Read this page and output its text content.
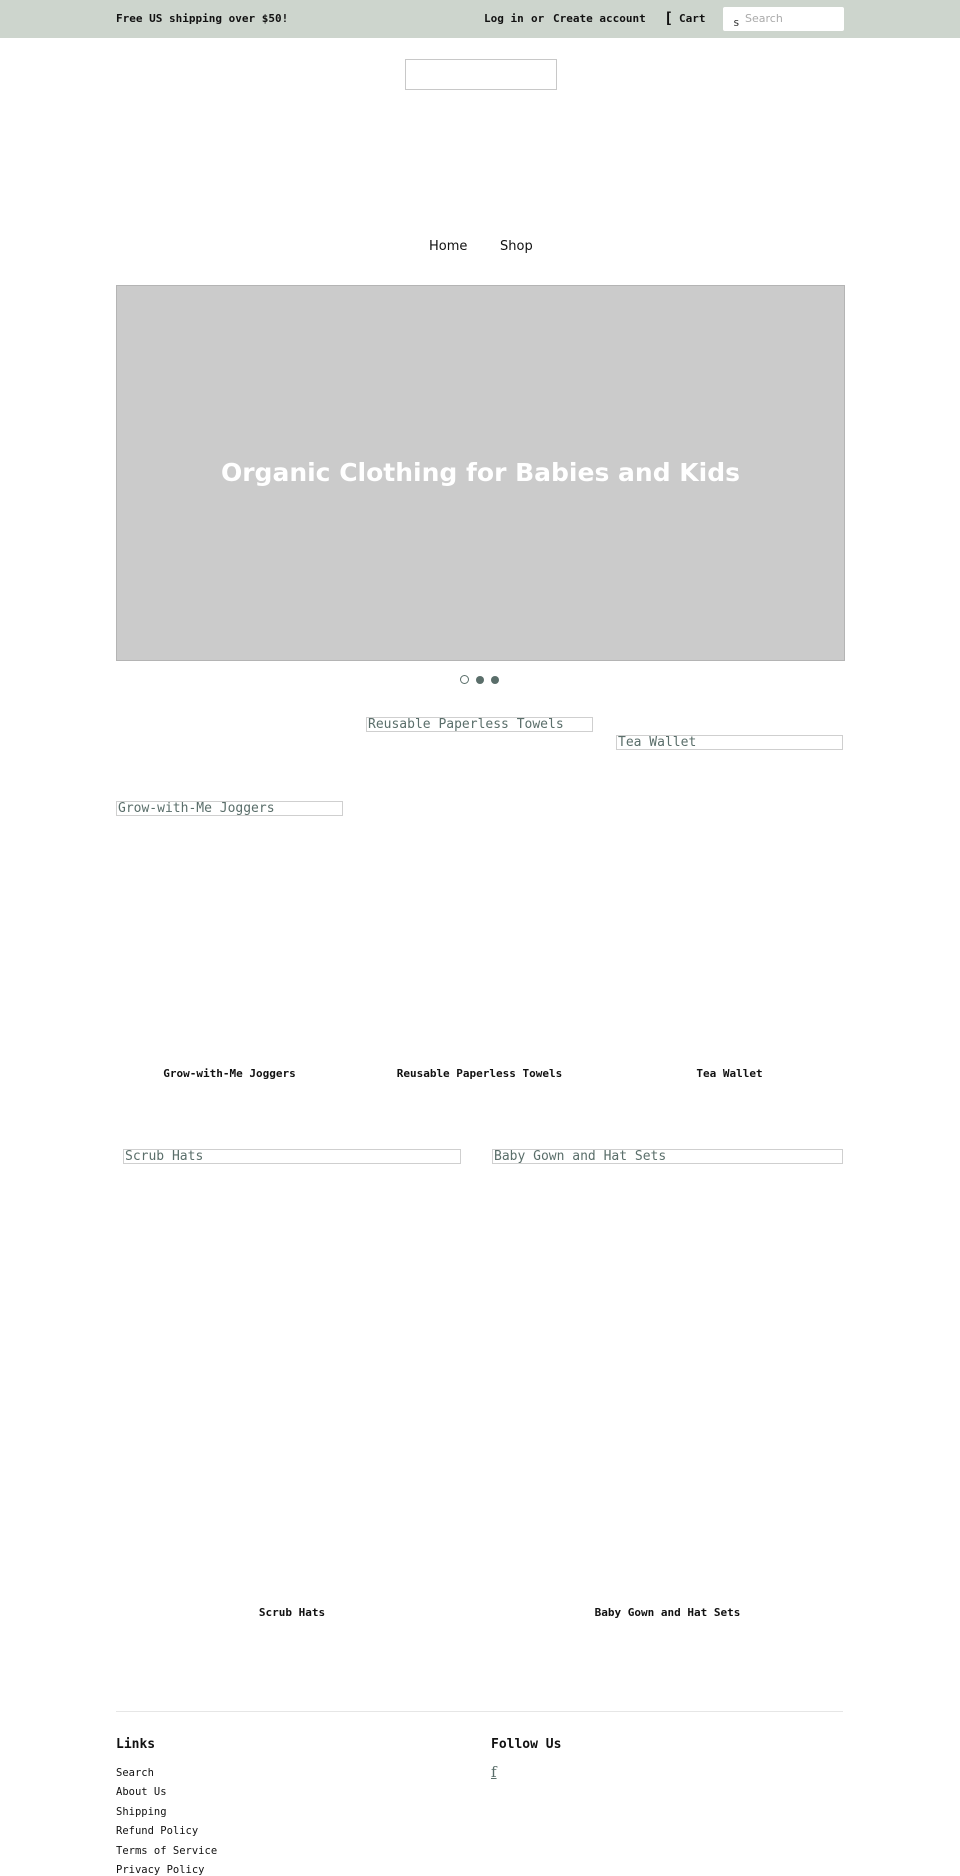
Free US shipping over $50!	Log in or Create account [ Cart	s
Search
Home	Shop
Organic Clothing for Babies and Kids
Reusable Paperless Towels
Tea Wallet
Grow-with-Me Joggers
Grow-with-Me Joggers	Reusable Paperless Towels	Tea Wallet
Scrub Hats	Baby Gown and Hat Sets
Scrub Hats	Baby Gown and Hat Sets
Links
Search
About Us
Shipping
Refund Policy
Terms of Service
Privacy Policy
Follow Us
f
